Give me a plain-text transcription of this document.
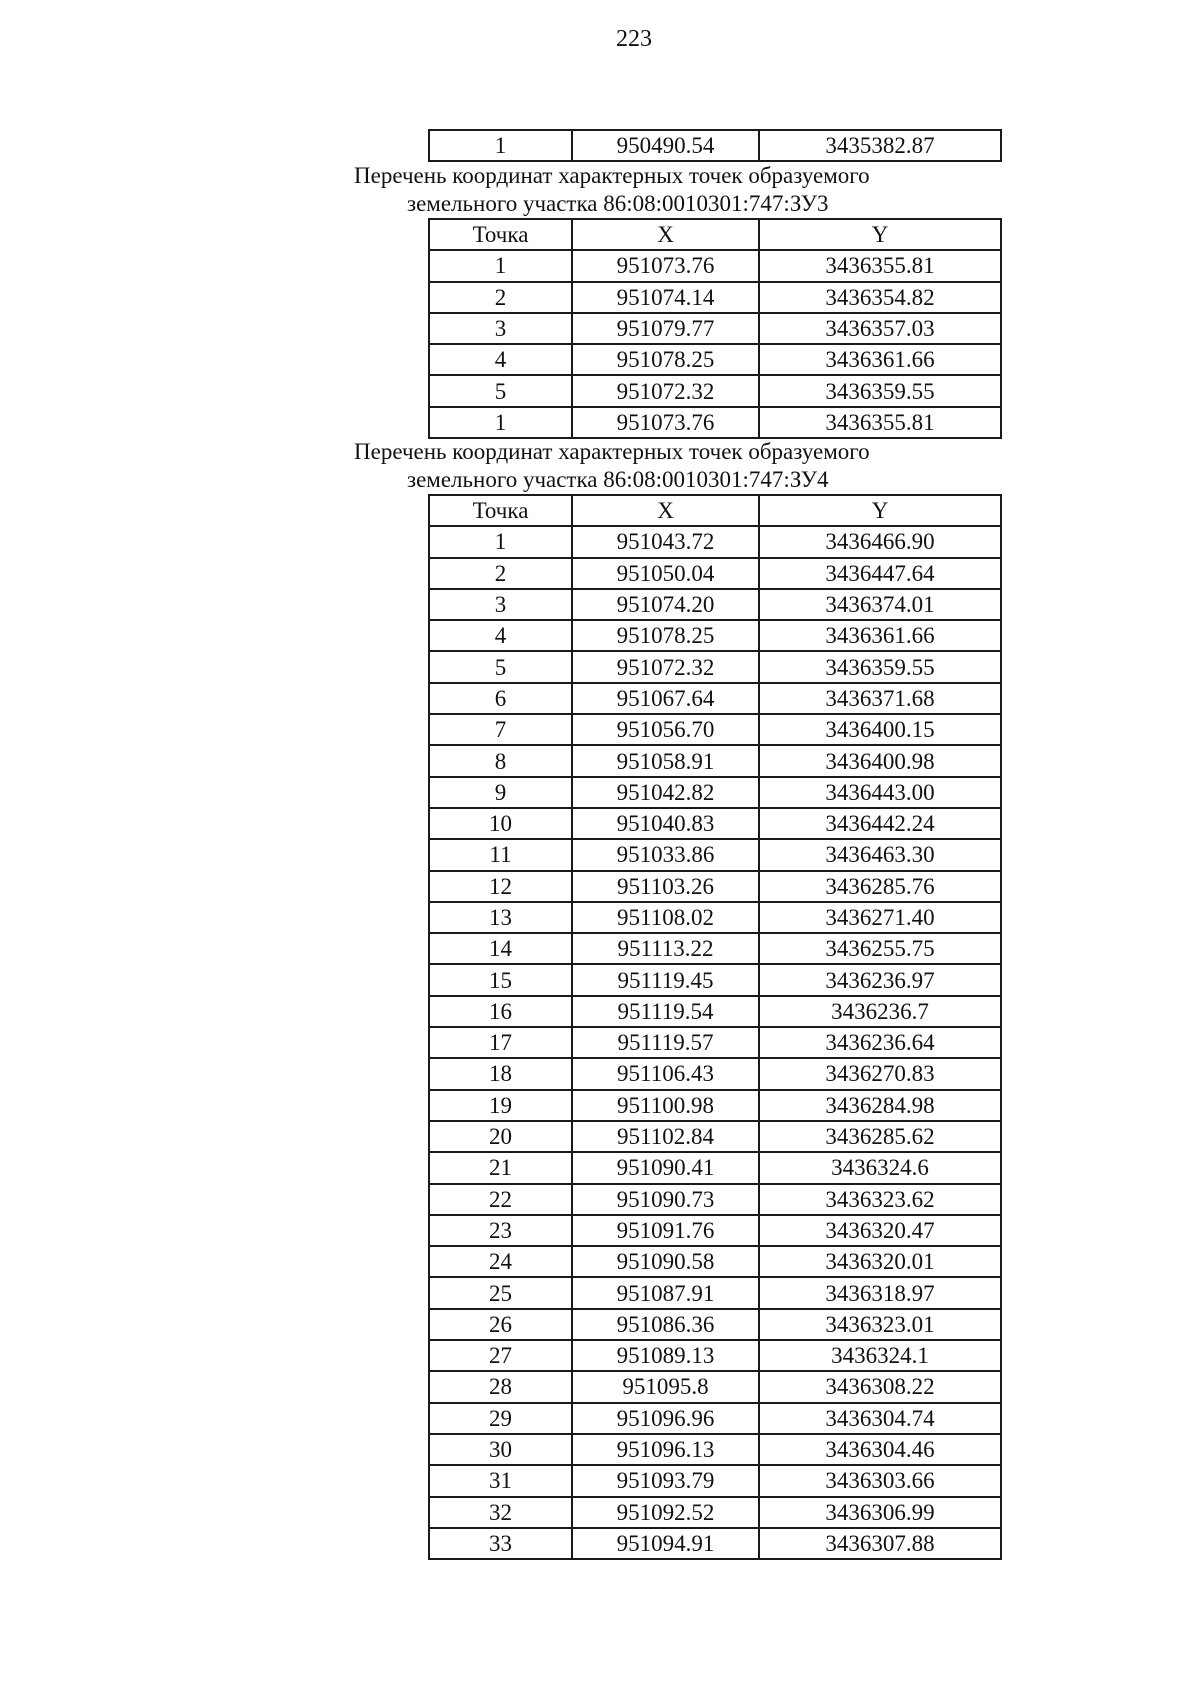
223
1	950490.54	3435382.87
Перечень координат характерных точек образуемого
земельного участка 86:08:0010301:747:ЗУ3
Точка	X	Y
1	951073.76	3436355.81
2	951074.14	3436354.82
3	951079.77	3436357.03
4	951078.25	3436361.66
5	951072.32	3436359.55
1	951073.76	3436355.81
Перечень координат характерных точек образуемого
земельного участка 86:08:0010301:747:ЗУ4
Точка	X	Y
1	951043.72	3436466.90
2	951050.04	3436447.64
3	951074.20	3436374.01
4	951078.25	3436361.66
5	951072.32	3436359.55
6	951067.64	3436371.68
7	951056.70	3436400.15
8	951058.91	3436400.98
9	951042.82	3436443.00
10	951040.83	3436442.24
11	951033.86	3436463.30
12	951103.26	3436285.76
13	951108.02	3436271.40
14	951113.22	3436255.75
15	951119.45	3436236.97
16	951119.54	3436236.7
17	951119.57	3436236.64
18	951106.43	3436270.83
19	951100.98	3436284.98
20	951102.84	3436285.62
21	951090.41	3436324.6
22	951090.73	3436323.62
23	951091.76	3436320.47
24	951090.58	3436320.01
25	951087.91	3436318.97
26	951086.36	3436323.01
27	951089.13	3436324.1
28	951095.8	3436308.22
29	951096.96	3436304.74
30	951096.13	3436304.46
31	951093.79	3436303.66
32	951092.52	3436306.99
33	951094.91	3436307.88
